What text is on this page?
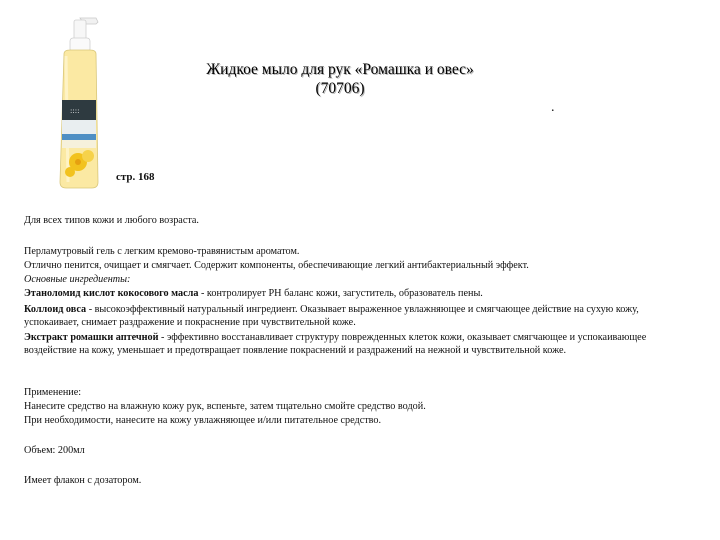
::::
Жидкое мыло для рук «Ромашка и овес»
(70706)
.
стр. 168
Для всех типов кожи и любого возраста.
Перламутровый гель с легким кремово-травянистым ароматом.
Отлично пенится, очищает и смягчает. Содержит компоненты, обеспечивающие легкий антибактериальный эффект.
Основные ингредиенты:
Этаноломид кислот кокосового масла - контролирует PH баланс кожи, загуститель, образователь пены.
Коллоид овса - высокоэффективный натуральный ингредиент. Оказывает выраженное увлажняющее и смягчающее действие на сухую кожу, успокаивает, снимает раздражение и покраснение при чувствительной коже.
Экстракт ромашки аптечной - эффективно восстанавливает структуру поврежденных клеток кожи, оказывает смягчающее и успокаивающее воздействие на кожу, уменьшает и предотвращает появление покраснений и раздражений на нежной и чувствительной коже.
Применение:
Нанесите средство на влажную кожу рук, вспеньте, затем тщательно смойте средство водой.
При необходимости, нанесите на кожу увлажняющее и/или питательное средство.
Объем: 200мл
Имеет флакон с дозатором.
